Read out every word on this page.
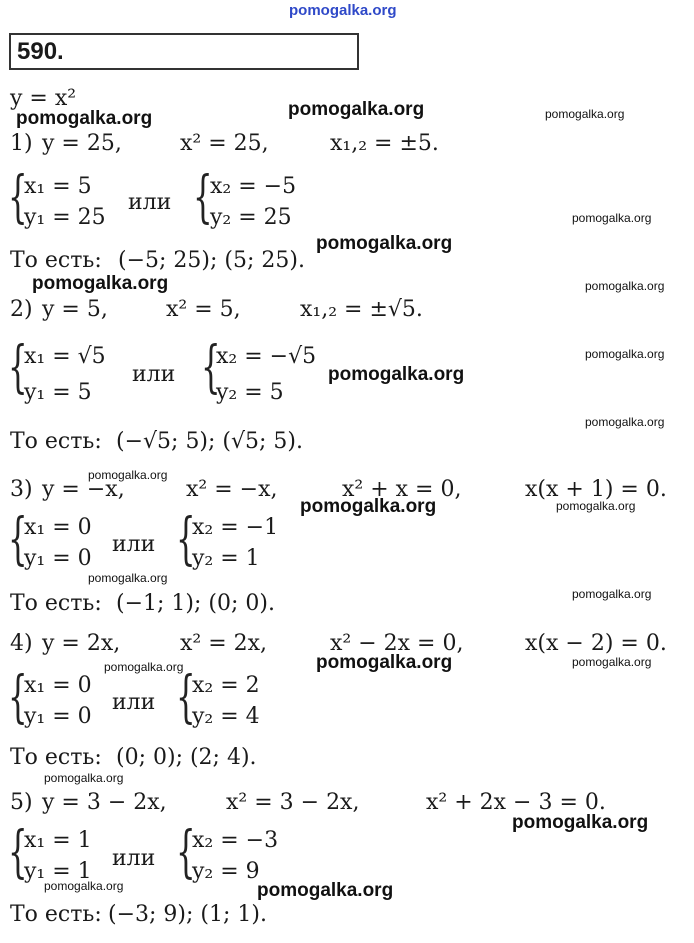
pomogalka.org
590.
y = x²
1) y = 25,	x² = 25,	x₁,₂ = ±5.
{
x₁ = 5
y₁ = 25
или {
x₂ = −5
y₂ = 25
То есть: (−5; 25); (5; 25).
2) y = 5,	x² = 5,	x₁,₂ = ±√5.
{
x₁ = √5
y₁ = 5
или {
x₂ = −√5
y₂ = 5
То есть: (−√5; 5); (√5; 5).
3) y = −x,	x² = −x,	x² + x = 0,	x(x + 1) = 0.
{
x₁ = 0
y₁ = 0
или {
x₂ = −1
y₂ = 1
То есть: (−1; 1); (0; 0).
4) y = 2x,	x² = 2x,	x² − 2x = 0,	x(x − 2) = 0.
{
x₁ = 0
y₁ = 0
или {
x₂ = 2
y₂ = 4
То есть: (0; 0); (2; 4).
5) y = 3 − 2x,	x² = 3 − 2x,	x² + 2x − 3 = 0.
{
x₁ = 1
y₁ = 1
или {
x₂ = −3
y₂ = 9
То есть: (−3; 9); (1; 1).
pomogalka.org
pomogalka.org	pomogalka.org
pomogalka.org
pomogalka.org
pomogalka.org	pomogalka.org
pomogalka.org
pomogalka.org
pomogalka.org
pomogalka.org
pomogalka.org	pomogalka.org
pomogalka.org
pomogalka.org
pomogalka.org	pomogalka.org	pomogalka.org
pomogalka.org
pomogalka.org
pomogalka.org	pomogalka.org
